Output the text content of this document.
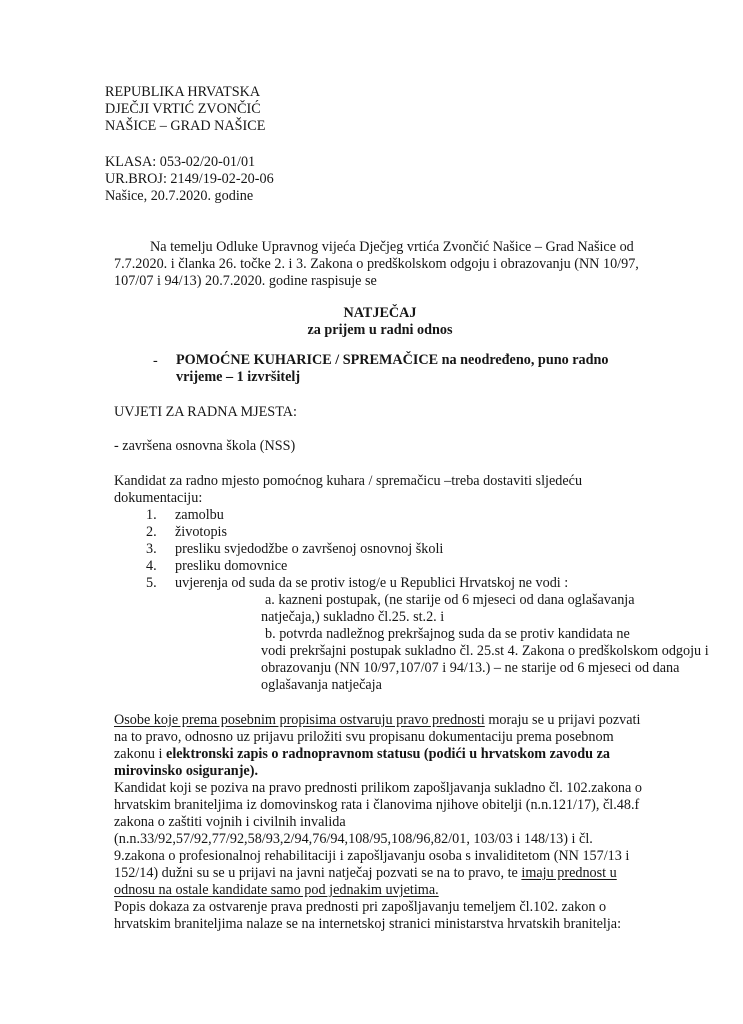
REPUBLIKA HRVATSKA
DJEČJI VRTIĆ ZVONČIĆ
NAŠICE – GRAD NAŠICE
KLASA: 053-02/20-01/01
UR.BROJ: 2149/19-02-20-06
Našice, 20.7.2020. godine
Na temelju Odluke Upravnog vijeća Dječjeg vrtića Zvončić Našice – Grad Našice od
7.7.2020. i članka 26. točke 2. i 3. Zakona o predškolskom odgoju i obrazovanju (NN 10/97,
107/07 i 94/13) 20.7.2020. godine raspisuje se
NATJEČAJ
za prijem u radni odnos
- POMOĆNE KUHARICE / SPREMAČICE na neodređeno, puno radno
vrijeme – 1 izvršitelj
UVJETI ZA RADNA MJESTA:
- završena osnovna škola (NSS)
Kandidat za radno mjesto pomoćnog kuhara / spremačicu –treba dostaviti sljedeću
dokumentaciju:
1. zamolbu
2. životopis
3. presliku svjedodžbe o završenoj osnovnoj školi
4. presliku domovnice
5. uvjerenja od suda da se protiv istog/e u Republici Hrvatskoj ne vodi :
a. kazneni postupak, (ne starije od 6 mjeseci od dana oglašavanja
natječaja,) sukladno čl.25. st.2. i
b. potvrda nadležnog prekršajnog suda da se protiv kandidata ne
vodi prekršajni postupak sukladno čl. 25.st 4. Zakona o predškolskom odgoju i
obrazovanju (NN 10/97,107/07 i 94/13.) – ne starije od 6 mjeseci od dana
oglašavanja natječaja
Osobe koje prema posebnim propisima ostvaruju pravo prednosti moraju se u prijavi pozvati
na to pravo, odnosno uz prijavu priložiti svu propisanu dokumentaciju prema posebnom
zakonu i elektronski zapis o radnopravnom statusu (podići u hrvatskom zavodu za
mirovinsko osiguranje).
Kandidat koji se poziva na pravo prednosti prilikom zapošljavanja sukladno čl. 102.zakona o
hrvatskim braniteljima iz domovinskog rata i članovima njihove obitelji (n.n.121/17), čl.48.f
zakona o zaštiti vojnih i civilnih invalida
(n.n.33/92,57/92,77/92,58/93,2/94,76/94,108/95,108/96,82/01, 103/03 i 148/13) i čl.
9.zakona o profesionalnoj rehabilitaciji i zapošljavanju osoba s invaliditetom (NN 157/13 i
152/14) dužni su se u prijavi na javni natječaj pozvati se na to pravo, te imaju prednost u
odnosu na ostale kandidate samo pod jednakim uvjetima.
Popis dokaza za ostvarenje prava prednosti pri zapošljavanju temeljem čl.102. zakon o
hrvatskim braniteljima nalaze se na internetskoj stranici ministarstva hrvatskih branitelja:
